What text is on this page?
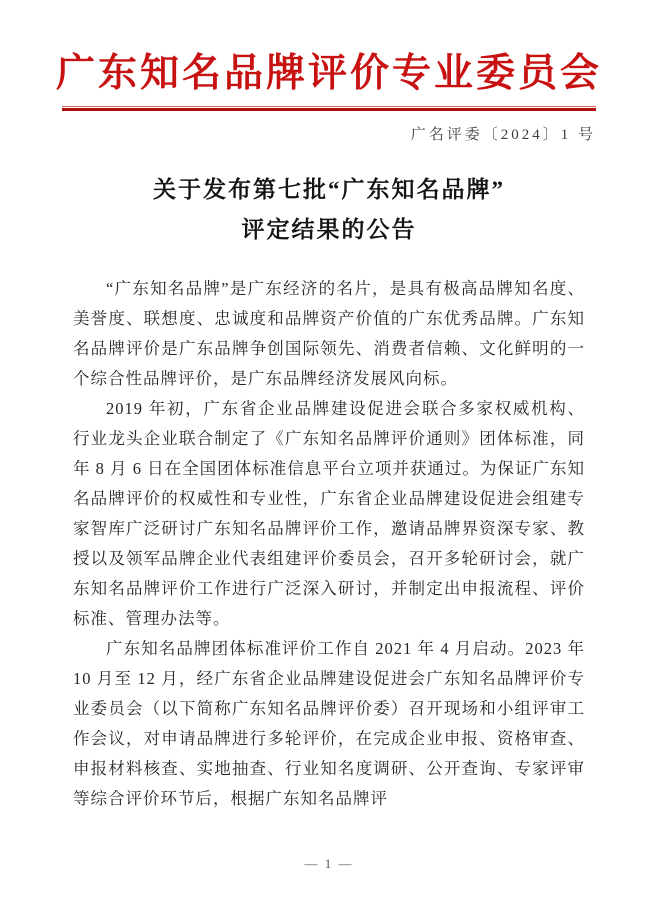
广东知名品牌评价专业委员会
广名评委〔2024〕1 号
关于发布第七批“广东知名品牌”
评定结果的公告

“广东知名品牌”是广东经济的名片，是具有极高品牌知名度、美誉度、联想度、忠诚度和品牌资产价值的广东优秀品牌。广东知名品牌评价是广东品牌争创国际领先、消费者信赖、文化鲜明的一个综合性品牌评价，是广东品牌经济发展风向标。

2019 年初，广东省企业品牌建设促进会联合多家权威机构、行业龙头企业联合制定了《广东知名品牌评价通则》团体标准，同年 8 月 6 日在全国团体标准信息平台立项并获通过。为保证广东知名品牌评价的权威性和专业性，广东省企业品牌建设促进会组建专家智库广泛研讨广东知名品牌评价工作，邀请品牌界资深专家、教授以及领军品牌企业代表组建评价委员会，召开多轮研讨会，就广东知名品牌评价工作进行广泛深入研讨，并制定出申报流程、评价标准、管理办法等。

广东知名品牌团体标准评价工作自 2021 年 4 月启动。2023 年 10 月至 12 月，经广东省企业品牌建设促进会广东知名品牌评价专业委员会（以下简称广东知名品牌评价委）召开现场和小组评审工作会议，对申请品牌进行多轮评价，在完成企业申报、资格审查、申报材料核查、实地抽查、行业知名度调研、公开查询、专家评审等综合评价环节后，根据广东知名品牌评

— 1 —
